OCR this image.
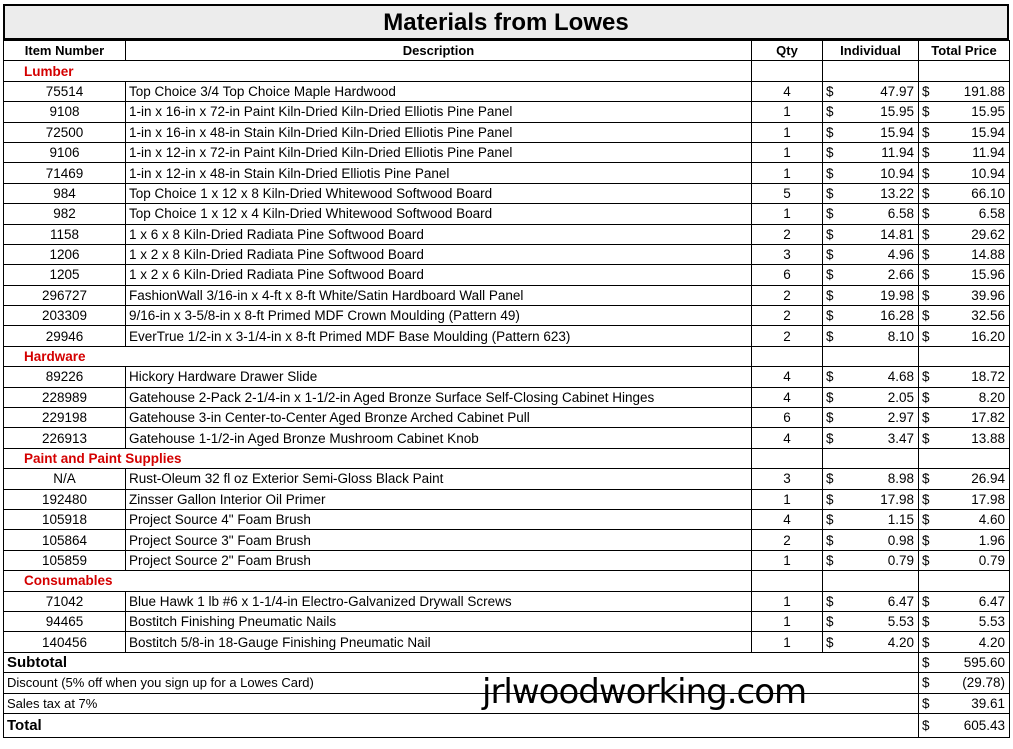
Materials from Lowes
Item Number	Description	Qty	Individual	Total Price
Lumber				
75514	Top Choice 3/4 Top Choice Maple Hardwood	4	$ 47.97	$ 191.88

9108	1-in x 16-in x 72-in Paint Kiln-Dried Kiln-Dried Elliotis Pine Panel	1	$ 15.95	$ 15.95

72500	1-in x 16-in x 48-in Stain Kiln-Dried Kiln-Dried Elliotis Pine Panel	1	$ 15.94	$ 15.94

9106	1-in x 12-in x 72-in Paint Kiln-Dried Kiln-Dried Elliotis Pine Panel	1	$ 11.94	$ 11.94

71469	1-in x 12-in x 48-in Stain Kiln-Dried Elliotis Pine Panel	1	$ 10.94	$ 10.94

984	Top Choice 1 x 12 x 8 Kiln-Dried Whitewood Softwood Board	5	$ 13.22	$ 66.10

982	Top Choice 1 x 12 x 4 Kiln-Dried Whitewood Softwood Board	1	$ 6.58	$ 6.58

1158	1 x 6 x 8 Kiln-Dried Radiata Pine Softwood Board	2	$ 14.81	$ 29.62

1206	1 x 2 x 8 Kiln-Dried Radiata Pine Softwood Board	3	$ 4.96	$ 14.88

1205	1 x 2 x 6 Kiln-Dried Radiata Pine Softwood Board	6	$ 2.66	$ 15.96

296727	FashionWall 3/16-in x 4-ft x 8-ft White/Satin Hardboard Wall Panel	2	$ 19.98	$ 39.96

203309	9/16-in x 3-5/8-in x 8-ft Primed MDF Crown Moulding (Pattern 49)	2	$ 16.28	$ 32.56

29946	EverTrue 1/2-in x 3-1/4-in x 8-ft Primed MDF Base Moulding (Pattern 623)	2	$ 8.10	$ 16.20

Hardware				
89226	Hickory Hardware Drawer Slide	4	$ 4.68	$ 18.72

228989	Gatehouse 2-Pack 2-1/4-in x 1-1/2-in Aged Bronze Surface Self-Closing Cabinet Hinges	4	$ 2.05	$ 8.20

229198	Gatehouse 3-in Center-to-Center Aged Bronze Arched Cabinet Pull	6	$ 2.97	$ 17.82

226913	Gatehouse 1-1/2-in Aged Bronze Mushroom Cabinet Knob	4	$ 3.47	$ 13.88

Paint and Paint Supplies				
N/A	Rust-Oleum 32 fl oz Exterior Semi-Gloss Black Paint	3	$ 8.98	$ 26.94

192480	Zinsser Gallon Interior Oil Primer	1	$ 17.98	$ 17.98

105918	Project Source 4" Foam Brush	4	$ 1.15	$ 4.60

105864	Project Source 3" Foam Brush	2	$ 0.98	$ 1.96

105859	Project Source 2" Foam Brush	1	$ 0.79	$ 0.79

Consumables				
71042	Blue Hawk 1 lb #6 x 1-1/4-in Electro-Galvanized Drywall Screws	1	$ 6.47	$ 6.47

94465	Bostitch Finishing Pneumatic Nails	1	$ 5.53	$ 5.53

140456	Bostitch 5/8-in 18-Gauge Finishing Pneumatic Nail	1	$ 4.20	$ 4.20

Subtotal				$ 595.60

Discount (5% off when you sign up for a Lowes Card)				$ (29.78)

Sales tax at 7%				$ 39.61

Total				$ 605.43
jrlwoodworking.com
